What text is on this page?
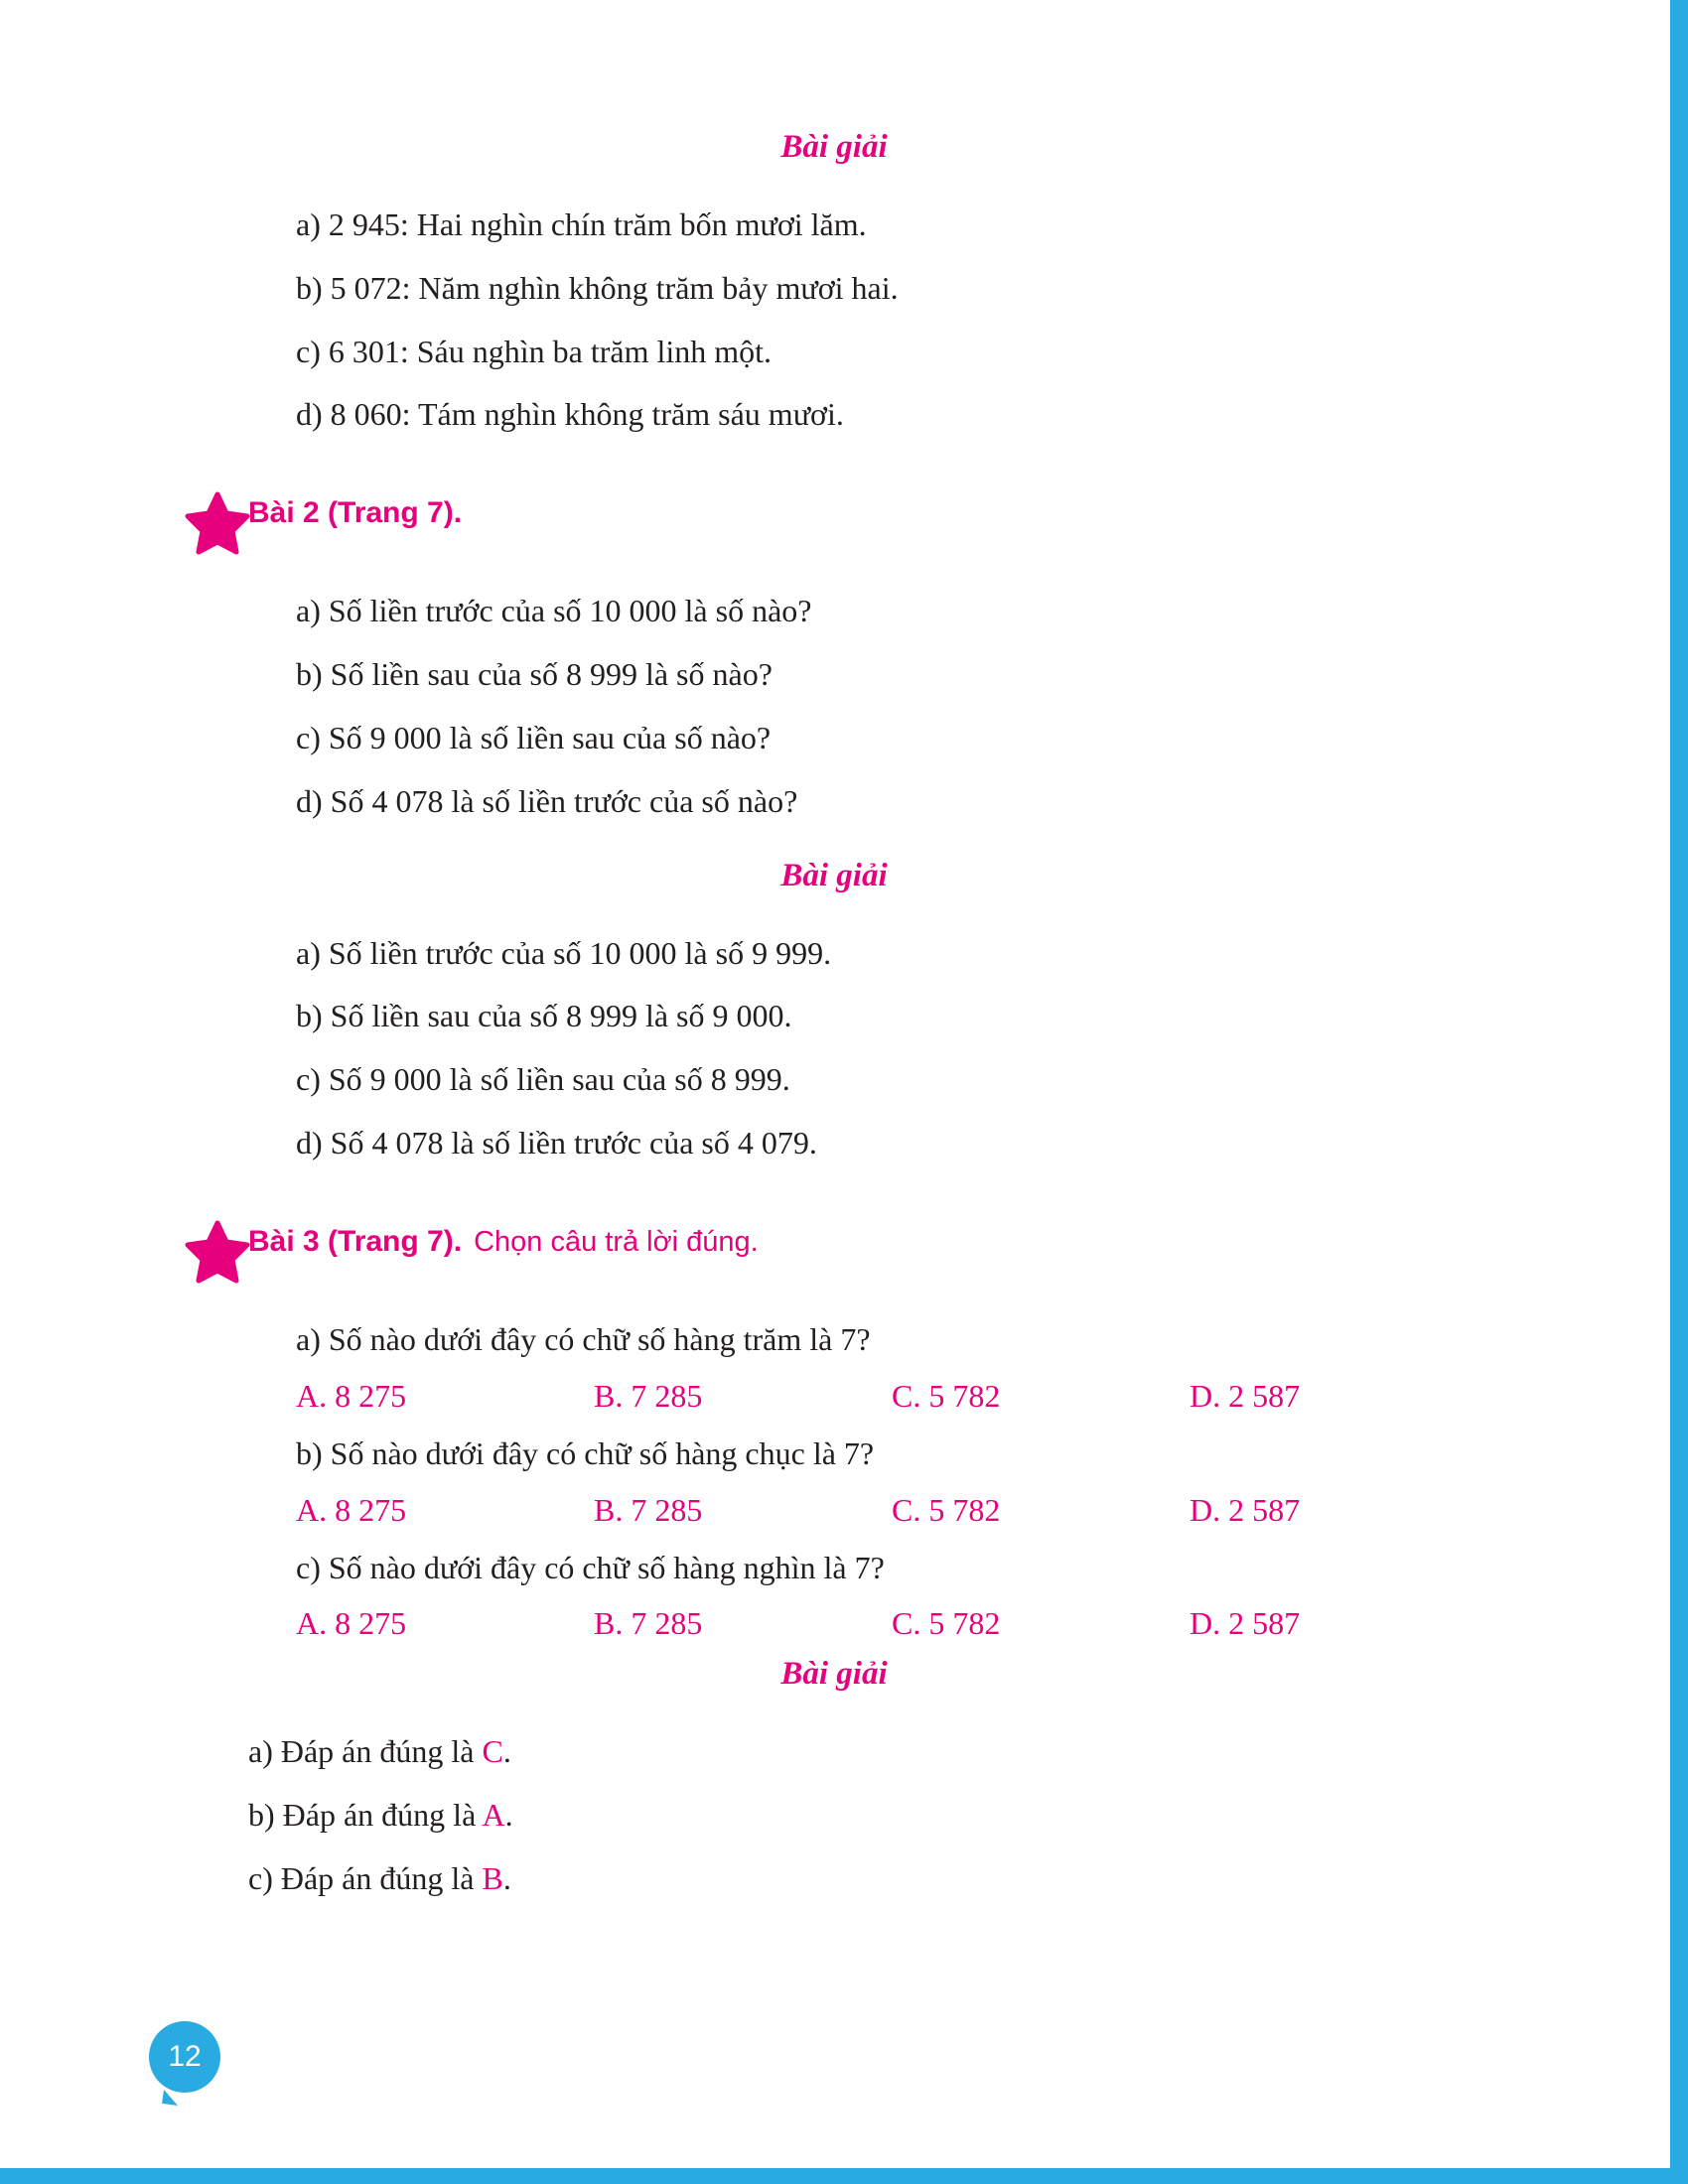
Bài giải
a) 2 945: Hai nghìn chín trăm bốn mươi lăm.
b) 5 072: Năm nghìn không trăm bảy mươi hai.
c) 6 301: Sáu nghìn ba trăm linh một.
d) 8 060: Tám nghìn không trăm sáu mươi.
Bài 2 (Trang 7).
a) Số liền trước của số 10 000 là số nào?
b) Số liền sau của số 8 999 là số nào?
c) Số 9 000 là số liền sau của số nào?
d) Số 4 078 là số liền trước của số nào?
Bài giải
a) Số liền trước của số 10 000 là số 9 999.
b) Số liền sau của số 8 999 là số 9 000.
c) Số 9 000 là số liền sau của số 8 999.
d) Số 4 078 là số liền trước của số 4 079.
Bài 3 (Trang 7). Chọn câu trả lời đúng.
a) Số nào dưới đây có chữ số hàng trăm là 7?
A. 8 275	B. 7 285	C. 5 782	D. 2 587
b) Số nào dưới đây có chữ số hàng chục là 7?
A. 8 275	B. 7 285	C. 5 782	D. 2 587
c) Số nào dưới đây có chữ số hàng nghìn là 7?
A. 8 275	B. 7 285	C. 5 782	D. 2 587
Bài giải
a) Đáp án đúng là C.
b) Đáp án đúng là A.
c) Đáp án đúng là B.
12
